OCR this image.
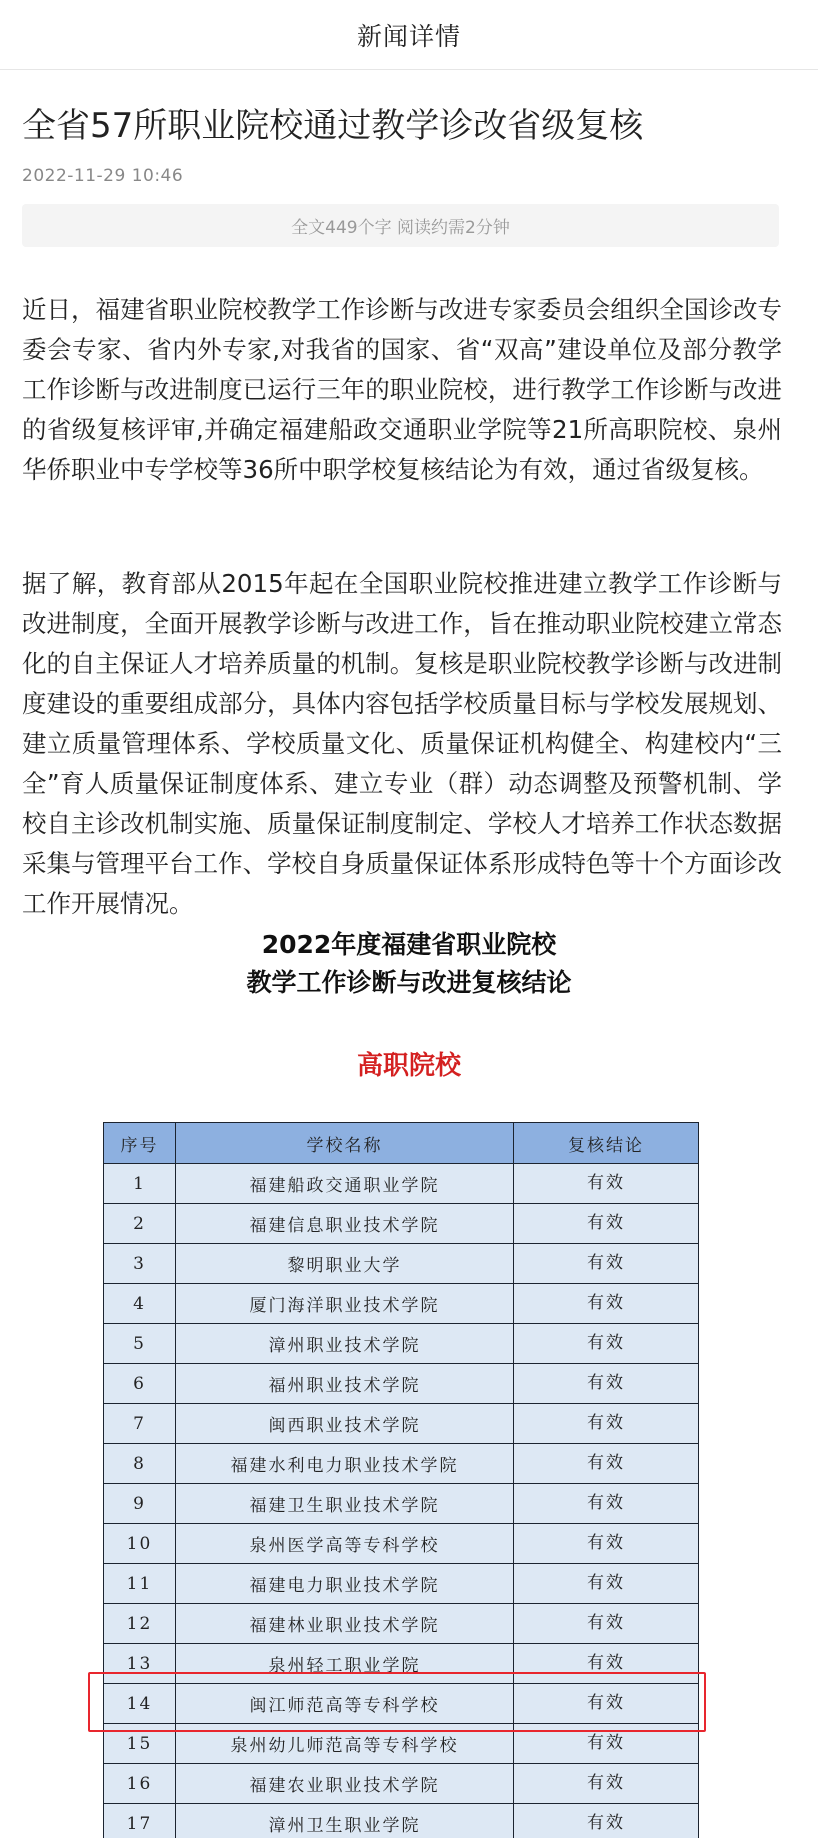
新闻详情
全省57所职业院校通过教学诊改省级复核
2022-11-29 10:46
全文449个字 阅读约需2分钟

近日，福建省职业院校教学工作诊断与改进专家委员会组织全国诊改专委会专家、省内外专家,对我省的国家、省“双高”建设单位及部分教学工作诊断与改进制度已运行三年的职业院校，进行教学工作诊断与改进的省级复核评审,并确定福建船政交通职业学院等21所高职院校、泉州华侨职业中专学校等36所中职学校复核结论为有效，通过省级复核。

据了解，教育部从2015年起在全国职业院校推进建立教学工作诊断与改进制度，全面开展教学诊断与改进工作，旨在推动职业院校建立常态化的自主保证人才培养质量的机制。复核是职业院校教学诊断与改进制度建设的重要组成部分，具体内容包括学校质量目标与学校发展规划、建立质量管理体系、学校质量文化、质量保证机构健全、构建校内“三全”育人质量保证制度体系、建立专业（群）动态调整及预警机制、学校自主诊改机制实施、质量保证制度制定、学校人才培养工作状态数据采集与管理平台工作、学校自身质量保证体系形成特色等十个方面诊改工作开展情况。

2022年度福建省职业院校
教学工作诊断与改进复核结论
高职院校
序号	学校名称	复核结论
1	福建船政交通职业学院	有效
2	福建信息职业技术学院	有效
3	黎明职业大学	有效
4	厦门海洋职业技术学院	有效
5	漳州职业技术学院	有效
6	福州职业技术学院	有效
7	闽西职业技术学院	有效
8	福建水利电力职业技术学院	有效
9	福建卫生职业技术学院	有效
10	泉州医学高等专科学校	有效
11	福建电力职业技术学院	有效
12	福建林业职业技术学院	有效
13	泉州轻工职业学院	有效
14	闽江师范高等专科学校	有效
15	泉州幼儿师范高等专科学校	有效
16	福建农业职业技术学院	有效
17	漳州卫生职业学院	有效
